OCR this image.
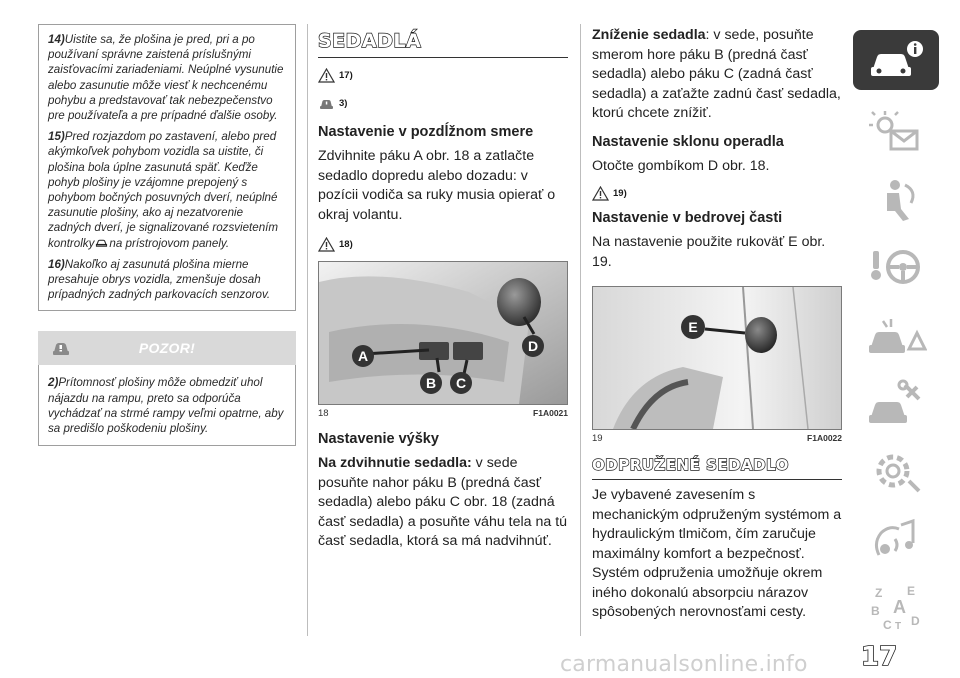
14)Uistite sa, že plošina je pred, pri a po používaní správne zaistená príslušnými zaisťovacími zariadeniami. Neúplné vysunutie alebo zasunutie môže viesť k nechcenému pohybu a predstavovať tak nebezpečenstvo pre používateľa a pre prípadné ďalšie osoby.

15)Pred rozjazdom po zastavení, alebo pred akýmkoľvek pohybom vozidla sa uistite, či plošina bola úplne zasunutá späť. Keďže pohyb plošiny je vzájomne prepojený s pohybom bočných posuvných dverí, neúplné zasunutie plošiny, ako aj nezatvorenie zadných dverí, je signalizované rozsvietením kontrolky na prístrojovom panely.

16)Nakoľko aj zasunutá plošina mierne presahuje obrys vozidla, zmenšuje dosah prípadných zadných parkovacích senzorov.

POZOR!

2)Prítomnosť plošiny môže obmedziť uhol nájazdu na rampu, preto sa odporúča vychádzať na strmé rampy veľmi opatrne, aby sa predišlo poškodeniu plošiny.

SEDADLÁ
17)
3)
Nastavenie v pozdĺžnom smere

Zdvihnite páku A obr. 18 a zatlačte sedadlo dopredu alebo dozadu: v pozícii vodiča sa ruky musia opierať o okraj volantu.

18)
A
B C
D
18	F1A0021
Nastavenie výšky

Na zdvihnutie sedadla: v sede posuňte nahor páku B (predná časť sedadla) alebo páku C obr. 18 (zadná časť sedadla) a posuňte váhu tela na tú časť sedadla, ktorá sa má nadvihnúť.

Zníženie sedadla: v sede, posuňte smerom hore páku B (predná časť sedadla) alebo páku C (zadná časť sedadla) a zaťažte zadnú časť sedadla, ktorú chcete znížiť.

Nastavenie sklonu operadla

Otočte gombíkom D obr. 18.

19)
Nastavenie v bedrovej časti

Na nastavenie použite rukoväť E obr. 19.

E
19	F1A0022
ODPRUŽENÉ SEDADLO

Je vybavené zavesením s mechanickým odpruženým systémom a hydraulickým tlmičom, čím zaručuje maximálny komfort a bezpečnosť. Systém odpruženia umožňuje okrem iného dokonalú absorpciu nárazov spôsobených nerovnosťami cesty.

Z E
B A
C T D
17
carmanualsonline.info
